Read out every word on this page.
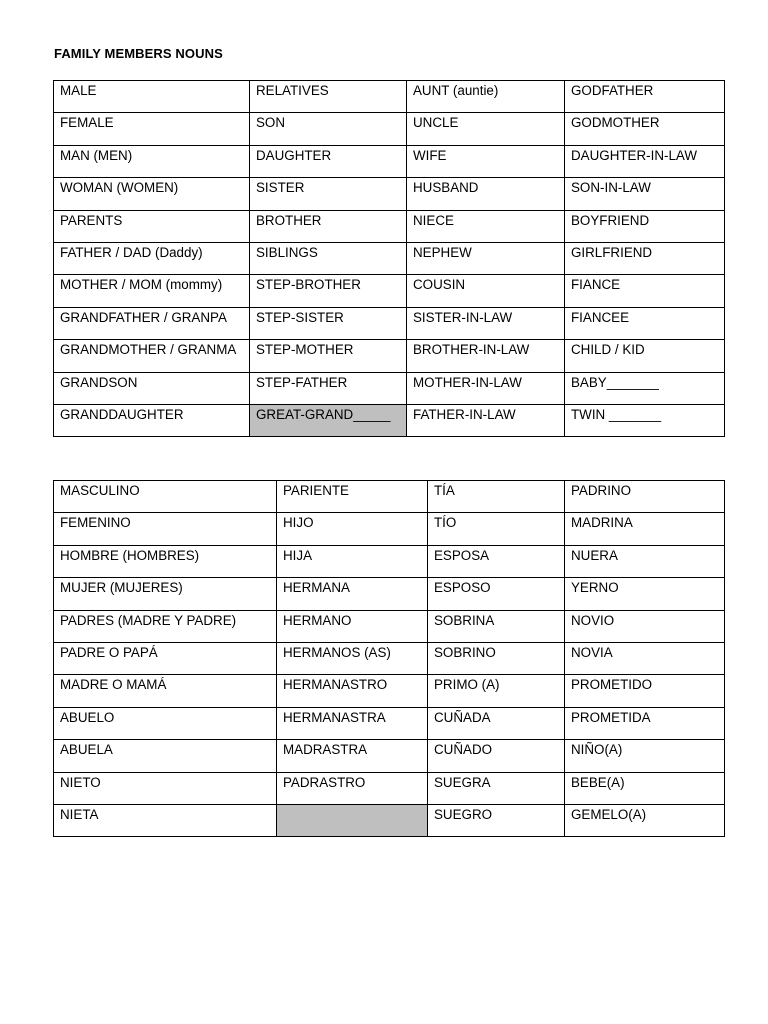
FAMILY MEMBERS NOUNS
MALE	RELATIVES	AUNT (auntie)	GODFATHER
FEMALE	SON	UNCLE	GODMOTHER
MAN (MEN)	DAUGHTER	WIFE	DAUGHTER-IN-LAW
WOMAN (WOMEN)	SISTER	HUSBAND	SON-IN-LAW
PARENTS	BROTHER	NIECE	BOYFRIEND
FATHER / DAD (Daddy)	SIBLINGS	NEPHEW	GIRLFRIEND
MOTHER / MOM (mommy)	STEP-BROTHER	COUSIN	FIANCE
GRANDFATHER / GRANPA	STEP-SISTER	SISTER-IN-LAW	FIANCEE
GRANDMOTHER / GRANMA	STEP-MOTHER	BROTHER-IN-LAW	CHILD / KID
GRANDSON	STEP-FATHER	MOTHER-IN-LAW	BABY_______
GRANDDAUGHTER	GREAT-GRAND_____	FATHER-IN-LAW	TWIN _______
MASCULINO	PARIENTE	TÍA	PADRINO
FEMENINO	HIJO	TÍO	MADRINA
HOMBRE (HOMBRES)	HIJA	ESPOSA	NUERA
MUJER (MUJERES)	HERMANA	ESPOSO	YERNO
PADRES (MADRE Y PADRE)	HERMANO	SOBRINA	NOVIO
PADRE O PAPÁ	HERMANOS (AS)	SOBRINO	NOVIA
MADRE O MAMÁ	HERMANASTRO	PRIMO (A)	PROMETIDO
ABUELO	HERMANASTRA	CUÑADA	PROMETIDA
ABUELA	MADRASTRA	CUÑADO	NIÑO(A)
NIETO	PADRASTRO	SUEGRA	BEBE(A)
NIETA		SUEGRO	GEMELO(A)
